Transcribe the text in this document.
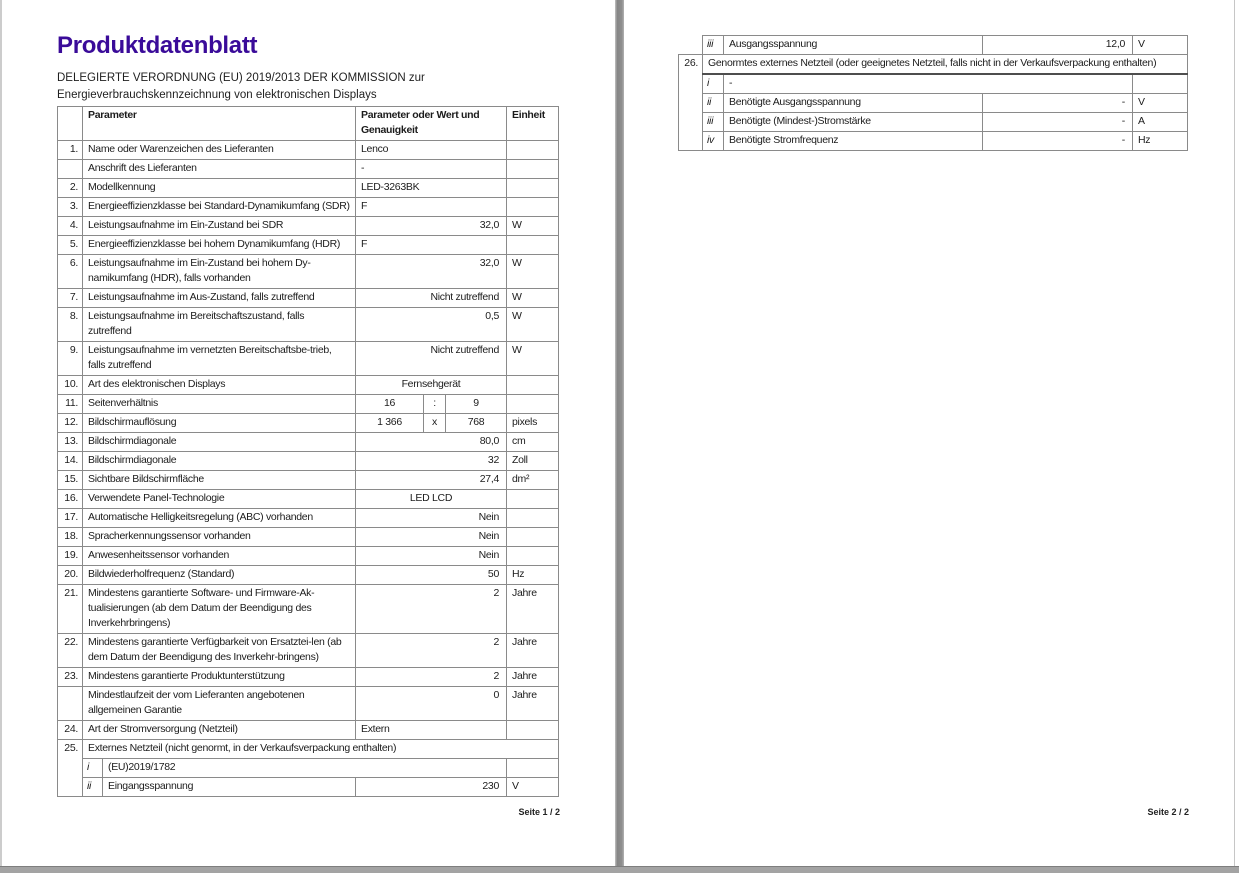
Produktdatenblatt
DELEGIERTE VERORDNUNG (EU) 2019/2013 DER KOMMISSION zur
Energieverbrauchskennzeichnung von elektronischen Displays
	Parameter		Parameter oder Wert und Genauigkeit			Einheit
1.	Name oder Warenzeichen des Lieferanten		Lenco			
	Anschrift des Lieferanten		-			
2.	Modellkennung		LED-3263BK			
3.	Energieeffizienzklasse bei Standard-Dynamikumfang (SDR)		F			
4.	Leistungsaufnahme im Ein-Zustand bei SDR		32,0			W
5.	Energieeffizienzklasse bei hohem Dynamikumfang (HDR)		F			
6.	Leistungsaufnahme im Ein-Zustand bei hohem Dy-namikumfang (HDR), falls vorhanden		32,0			W
7.	Leistungsaufnahme im Aus-Zustand, falls zutreffend		Nicht zutreffend			W
8.	Leistungsaufnahme im Bereitschaftszustand, falls zutreffend		0,5			W
9.	Leistungsaufnahme im vernetzten Bereitschaftsbe-trieb, falls zutreffend		Nicht zutreffend			W
10.	Art des elektronischen Displays		Fernsehgerät			
11.	Seitenverhältnis		16	:	9	
12.	Bildschirmauflösung		1 366	x	768	pixels
13.	Bildschirmdiagonale		80,0			cm
14.	Bildschirmdiagonale		32			Zoll
15.	Sichtbare Bildschirmfläche		27,4			dm²
16.	Verwendete Panel-Technologie		LED LCD			
17.	Automatische Helligkeitsregelung (ABC) vorhanden		Nein			
18.	Spracherkennungssensor vorhanden		Nein			
19.	Anwesenheitssensor vorhanden		Nein			
20.	Bildwiederholfrequenz (Standard)		50			Hz
21.	Mindestens garantierte Software- und Firmware-Ak-tualisierungen (ab dem Datum der Beendigung des Inverkehrbringens)		2			Jahre
22.	Mindestens garantierte Verfügbarkeit von Ersatztei-len (ab dem Datum der Beendigung des Inverkehr-bringens)		2			Jahre
23.	Mindestens garantierte Produktunterstützung		2			Jahre
	Mindestlaufzeit der vom Lieferanten angebotenen allgemeinen Garantie		0			Jahre
24.	Art der Stromversorgung (Netzteil)		Extern			
25.	Externes Netzteil (nicht genormt, in der Verkaufsverpackung enthalten)					
	i	(EU)2019/1782				
	ii	Eingangsspannung	230			V
Seite 1 / 2
	iii	Ausgangsspannung	12,0	V
26.	Genormtes externes Netzteil (oder geeignetes Netzteil, falls nicht in der Verkaufsverpackung enthalten)			
	i	-		
	ii	Benötigte Ausgangsspannung	-	V
	iii	Benötigte (Mindest-)Stromstärke	-	A
	iv	Benötigte Stromfrequenz	-	Hz
Seite 2 / 2
